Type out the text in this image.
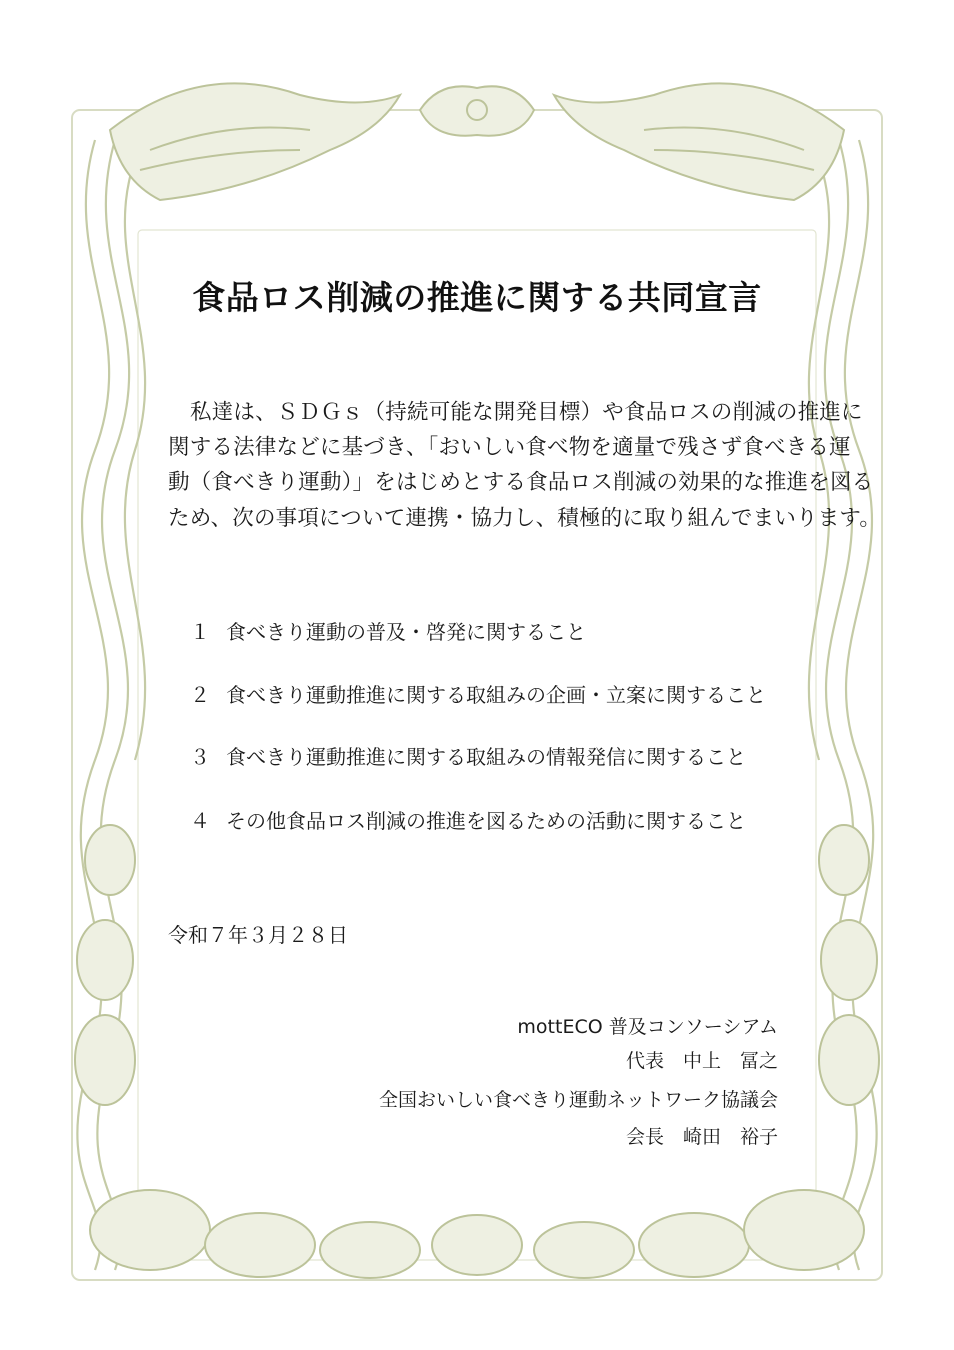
食品ロス削減の推進に関する共同宣言

私達は、ＳＤＧｓ（持続可能な開発目標）や食品ロスの削減の推進に

関する法律などに基づき、「おいしい食べ物を適量で残さず食べきる運

動（食べきり運動）」をはじめとする食品ロス削減の効果的な推進を図る

ため、次の事項について連携・協力し、積極的に取り組んでまいります。

１ 食べきり運動の普及・啓発に関すること
２ 食べきり運動推進に関する取組みの企画・立案に関すること
３ 食べきり運動推進に関する取組みの情報発信に関すること
４ その他食品ロス削減の推進を図るための活動に関すること

令和７年３月２８日

mottECO 普及コンソーシアム

代表　中上　冨之

全国おいしい食べきり運動ネットワーク協議会

会長　崎田　裕子
